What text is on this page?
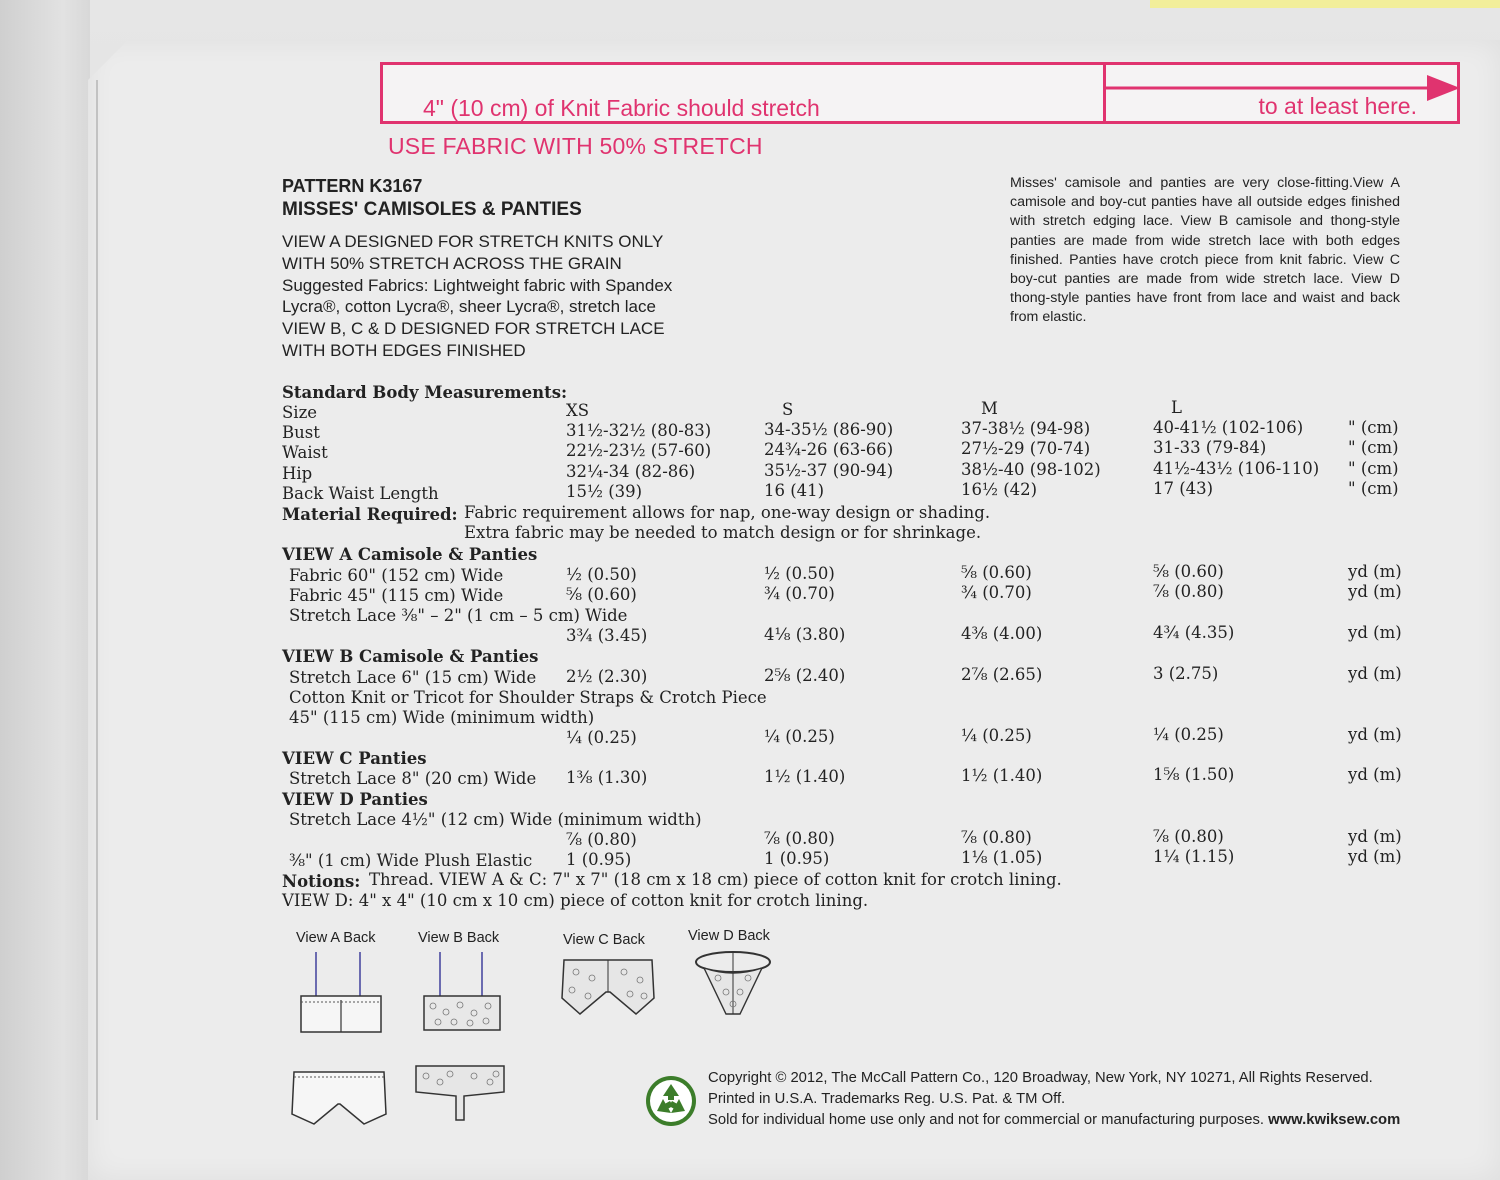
4" (10 cm) of Knit Fabric should stretch	to at least here.
USE FABRIC WITH 50% STRETCH
PATTERN K3167
MISSES' CAMISOLES & PANTIES
VIEW A DESIGNED FOR STRETCH KNITS ONLY
WITH 50% STRETCH ACROSS THE GRAIN
Suggested Fabrics: Lightweight fabric with Spandex
Lycra®, cotton Lycra®, sheer Lycra®, stretch lace
VIEW B, C & D DESIGNED FOR STRETCH LACE
WITH BOTH EDGES FINISHED
Misses' camisole and panties are very close-fitting.View A camisole and boy-cut panties have all outside edges finished with stretch edging lace. View B camisole and thong-style panties are made from wide stretch lace with both edges finished. Panties have crotch piece from knit fabric. View C boy-cut panties are made from wide stretch lace. View D thong-style panties have front from lace and waist and back from elastic.
Standard Body Measurements:
Size	XS	S	M	L
Bust	31½-32½ (80-83)	34-35½ (86-90)	37-38½ (94-98)	40-41½ (102-106)	" (cm)
Waist	22½-23½ (57-60)	24¾-26 (63-66)	27½-29 (70-74)	31-33 (79-84)	" (cm)
Hip	32¼-34 (82-86)	35½-37 (90-94)	38½-40 (98-102)	41½-43½ (106-110) " (cm)
Back Waist Length	15½ (39)	16 (41)	16½ (42)	17 (43)	" (cm)
Material Required: Fabric requirement allows for nap, one-way design or shading.
Extra fabric may be needed to match design or for shrinkage.
VIEW A Camisole & Panties
Fabric 60" (152 cm) Wide	½ (0.50)	½ (0.50)	⅝ (0.60)	⅝ (0.60)	yd (m)
Fabric 45" (115 cm) Wide	⅝ (0.60)	¾ (0.70)	¾ (0.70)	⅞ (0.80)	yd (m)
Stretch Lace ⅜" – 2" (1 cm – 5 cm) Wide
3¾ (3.45)	4⅛ (3.80)	4⅜ (4.00)	4¾ (4.35)	yd (m)
VIEW B Camisole & Panties
Stretch Lace 6" (15 cm) Wide 2½ (2.30)	2⅝ (2.40)	2⅞ (2.65)	3 (2.75)	yd (m)
Cotton Knit or Tricot for Shoulder Straps & Crotch Piece
45" (115 cm) Wide (minimum width)
¼ (0.25)	¼ (0.25)	¼ (0.25)	¼ (0.25)	yd (m)
VIEW C Panties
Stretch Lace 8" (20 cm) Wide 1⅜ (1.30)	1½ (1.40)	1½ (1.40)	1⅝ (1.50)	yd (m)
VIEW D Panties
Stretch Lace 4½" (12 cm) Wide (minimum width)
⅞ (0.80)	⅞ (0.80)	⅞ (0.80)	⅞ (0.80)	yd (m)
⅜" (1 cm) Wide Plush Elastic 1 (0.95)	1 (0.95)	1⅛ (1.05)	1¼ (1.15)	yd (m)
Notions: Thread. VIEW A & C: 7" x 7" (18 cm x 18 cm) piece of cotton knit for crotch lining.
VIEW D: 4" x 4" (10 cm x 10 cm) piece of cotton knit for crotch lining.
View A Back	View B Back	View C Back	View D Back
Copyright © 2012, The McCall Pattern Co., 120 Broadway, New York, NY 10271, All Rights Reserved.
Printed in U.S.A. Trademarks Reg. U.S. Pat. & TM Off.
Sold for individual home use only and not for commercial or manufacturing purposes. www.kwiksew.com
